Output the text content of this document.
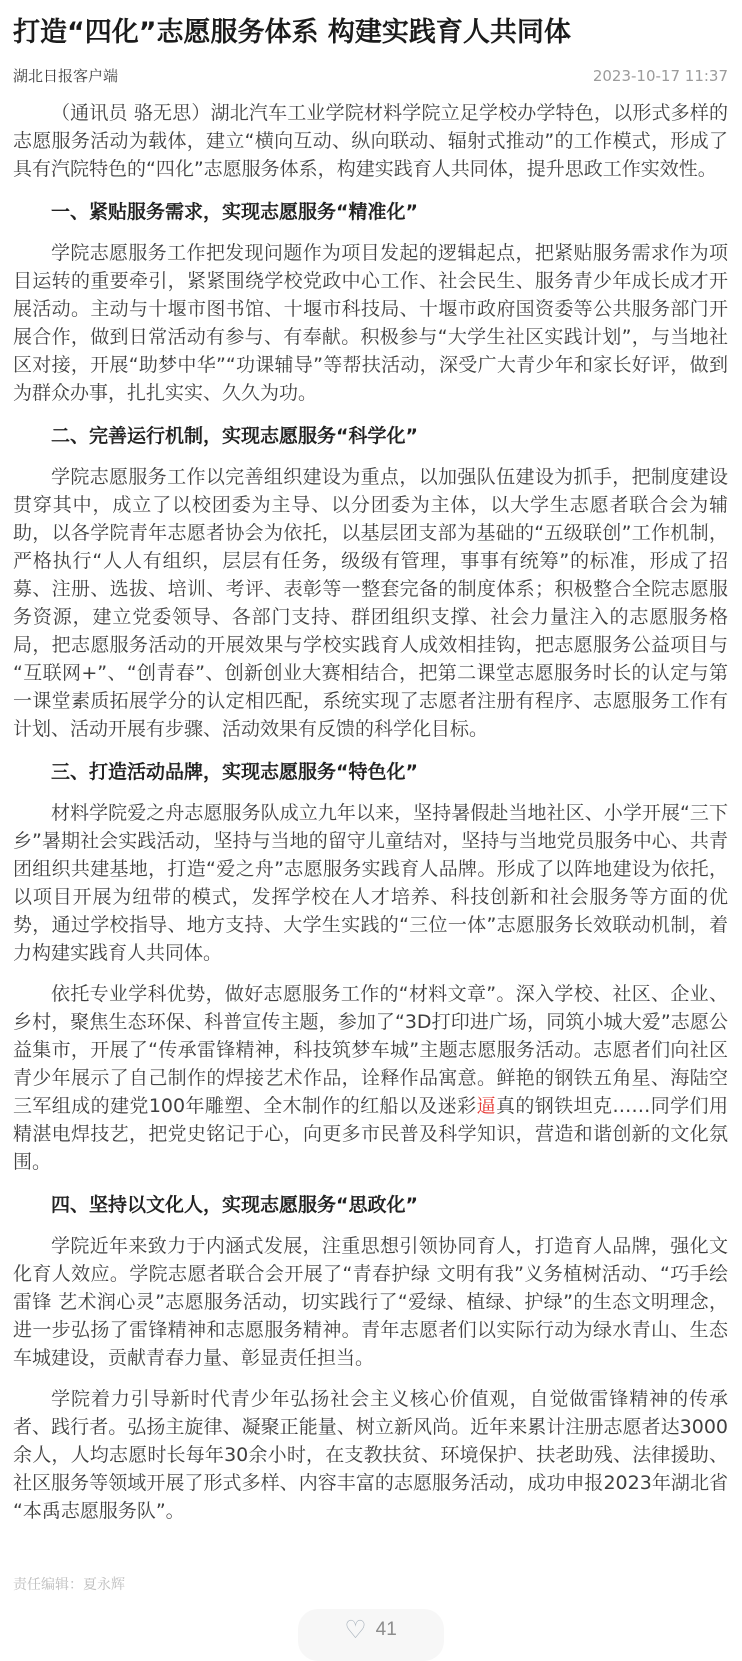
打造“四化”志愿服务体系 构建实践育人共同体
湖北日报客户端	2023-10-17 11:37

（通讯员 骆无思）湖北汽车工业学院材料学院立足学校办学特色，以形式多样的志愿服务活动为载体，建立“横向互动、纵向联动、辐射式推动”的工作模式，形成了具有汽院特色的“四化”志愿服务体系，构建实践育人共同体，提升思政工作实效性。

一、紧贴服务需求，实现志愿服务“精准化”

学院志愿服务工作把发现问题作为项目发起的逻辑起点，把紧贴服务需求作为项目运转的重要牵引，紧紧围绕学校党政中心工作、社会民生、服务青少年成长成才开展活动。主动与十堰市图书馆、十堰市科技局、十堰市政府国资委等公共服务部门开展合作，做到日常活动有参与、有奉献。积极参与“大学生社区实践计划”，与当地社区对接，开展“助梦中华”“功课辅导”等帮扶活动，深受广大青少年和家长好评，做到为群众办事，扎扎实实、久久为功。

二、完善运行机制，实现志愿服务“科学化”

学院志愿服务工作以完善组织建设为重点，以加强队伍建设为抓手，把制度建设贯穿其中，成立了以校团委为主导、以分团委为主体，以大学生志愿者联合会为辅助，以各学院青年志愿者协会为依托，以基层团支部为基础的“五级联创”工作机制，严格执行“人人有组织，层层有任务，级级有管理，事事有统筹”的标准，形成了招募、注册、选拔、培训、考评、表彰等一整套完备的制度体系；积极整合全院志愿服务资源，建立党委领导、各部门支持、群团组织支撑、社会力量注入的志愿服务格局，把志愿服务活动的开展效果与学校实践育人成效相挂钩，把志愿服务公益项目与“互联网+”、“创青春”、创新创业大赛相结合，把第二课堂志愿服务时长的认定与第一课堂素质拓展学分的认定相匹配，系统实现了志愿者注册有程序、志愿服务工作有计划、活动开展有步骤、活动效果有反馈的科学化目标。

三、打造活动品牌，实现志愿服务“特色化”

材料学院爱之舟志愿服务队成立九年以来，坚持暑假赴当地社区、小学开展“三下乡”暑期社会实践活动，坚持与当地的留守儿童结对，坚持与当地党员服务中心、共青团组织共建基地，打造“爱之舟”志愿服务实践育人品牌。形成了以阵地建设为依托，以项目开展为纽带的模式，发挥学校在人才培养、科技创新和社会服务等方面的优势，通过学校指导、地方支持、大学生实践的“三位一体”志愿服务长效联动机制，着力构建实践育人共同体。

依托专业学科优势，做好志愿服务工作的“材料文章”。深入学校、社区、企业、乡村，聚焦生态环保、科普宣传主题，参加了“3D打印进广场，同筑小城大爱”志愿公益集市，开展了“传承雷锋精神，科技筑梦车城”主题志愿服务活动。志愿者们向社区青少年展示了自己制作的焊接艺术作品，诠释作品寓意。鲜艳的钢铁五角星、海陆空三军组成的建党100年雕塑、全木制作的红船以及迷彩逼真的钢铁坦克……同学们用精湛电焊技艺，把党史铭记于心，向更多市民普及科学知识，营造和谐创新的文化氛围。

四、坚持以文化人，实现志愿服务“思政化”

学院近年来致力于内涵式发展，注重思想引领协同育人，打造育人品牌，强化文化育人效应。学院志愿者联合会开展了“青春护绿 文明有我”义务植树活动、“巧手绘雷锋 艺术润心灵”志愿服务活动，切实践行了“爱绿、植绿、护绿”的生态文明理念，进一步弘扬了雷锋精神和志愿服务精神。青年志愿者们以实际行动为绿水青山、生态车城建设，贡献青春力量、彰显责任担当。

学院着力引导新时代青少年弘扬社会主义核心价值观，自觉做雷锋精神的传承者、践行者。弘扬主旋律、凝聚正能量、树立新风尚。近年来累计注册志愿者达3000余人，人均志愿时长每年30余小时，在支教扶贫、环境保护、扶老助残、法律援助、社区服务等领域开展了形式多样、内容丰富的志愿服务活动，成功申报2023年湖北省“本禹志愿服务队”。

责任编辑：夏永辉
♡ 41
